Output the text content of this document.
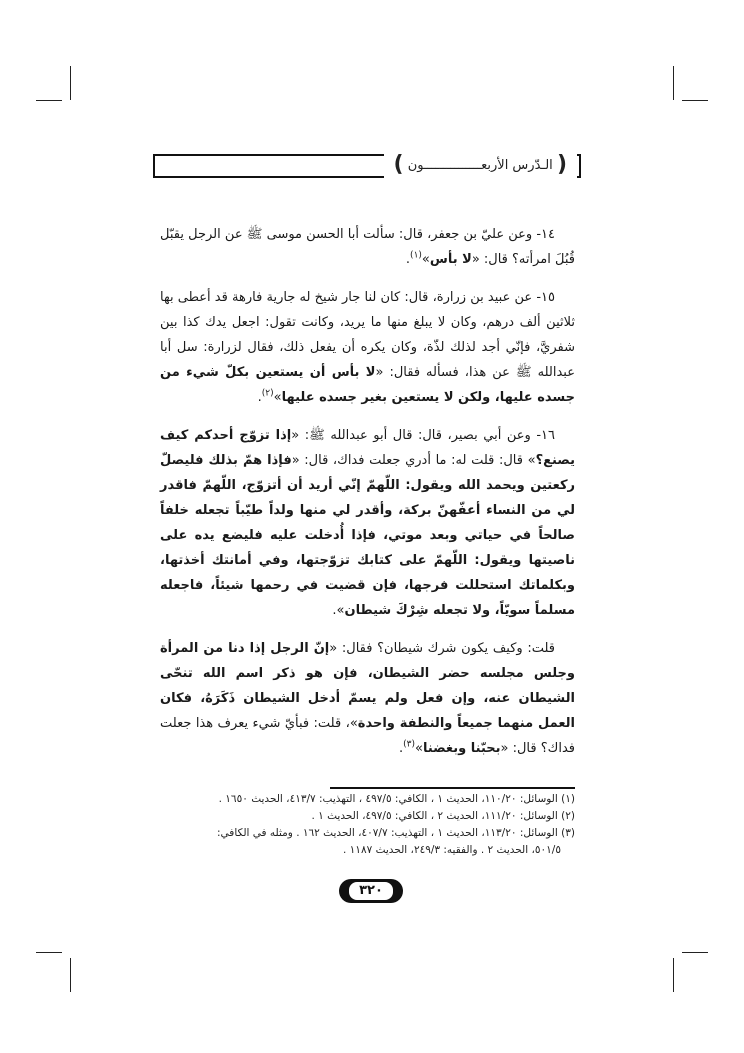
( الـدّرس الأربعـــــــــــــــون )

١٤- وعن عليّ بن جعفر، قال: سألت أبا الحسن موسى ﷺ عن الرجل يقبّل قُبُلَ امرأته؟ قال: «لا بأس»$^{(١)}$.

١٥- عن عبيد بن زرارة، قال: كان لنا جار شيخ له جارية فارهة قد أعطى بها ثلاثين ألف درهم، وكان لا يبلغ منها ما يريد، وكانت تقول: اجعل يدك كذا بين شفريَّ، فإنّي أجد لذلك لذّة، وكان يكره أن يفعل ذلك، فقال لزرارة: سل أبا عبدالله ﷺ عن هذا، فسأله فقال: «لا بأس أن يستعين بكلّ شيء من جسده عليها، ولكن لا يستعين بغير جسده عليها»$^{(٢)}$.

١٦- وعن أبي بصير، قال: قال أبو عبدالله ﷺ: «إذا تزوّج أحدكم كيف يصنع؟» قال: قلت له: ما أدري جعلت فداك، قال: «فإذا همّ بذلك فليصلّ ركعتين ويحمد الله ويقول: اللّهمّ إنّي أريد أن أتزوّج، اللّهمّ فاقدر لي من النساء أعفّهنّ بركة، وأقدر لي منها ولداً طيّباً تجعله خلفاً صالحاً في حياتي وبعد موتي، فإذا أُدخلت عليه فليضع يده على ناصيتها ويقول: اللّهمّ على كتابك تزوّجتها، وفي أمانتك أخذتها، وبكلماتك استحللت فرجها، فإن قضيت في رحمها شيئاً، فاجعله مسلماً سويّاً، ولا تجعله شِرْكَ شيطان».

قلت: وكيف يكون شرك شيطان؟ فقال: «إنّ الرجل إذا دنا من المرأة وجلس مجلسه حضر الشيطان، فإن هو ذكر اسم الله تنحّى الشيطان عنه، وإن فعل ولم يسمّ أدخل الشيطان ذَكَرَهُ، فكان العمل منهما جميعاً والنطفة واحدة»، قلت: فبأيّ شيء يعرف هذا جعلت فداك؟ قال: «بحبّنا وبغضنا»$^{(٣)}$.

(١) الوسائل: ١١٠/٢٠، الحديث ١ ، الكافي: ٤٩٧/٥ ، التهذيب: ٤١٣/٧، الحديث ١٦٥٠ .

(٢) الوسائل: ١١١/٢٠، الحديث ٢ ، الكافي: ٤٩٧/٥، الحديث ١ .

(٣) الوسائل: ١١٣/٢٠، الحديث ١ ، التهذيب: ٤٠٧/٧، الحديث ١٦٢ . ومثله في الكافي:

٥٠١/٥، الحديث ٢ . والفقيه: ٢٤٩/٣، الحديث ١١٨٧ .

٣٢٠
